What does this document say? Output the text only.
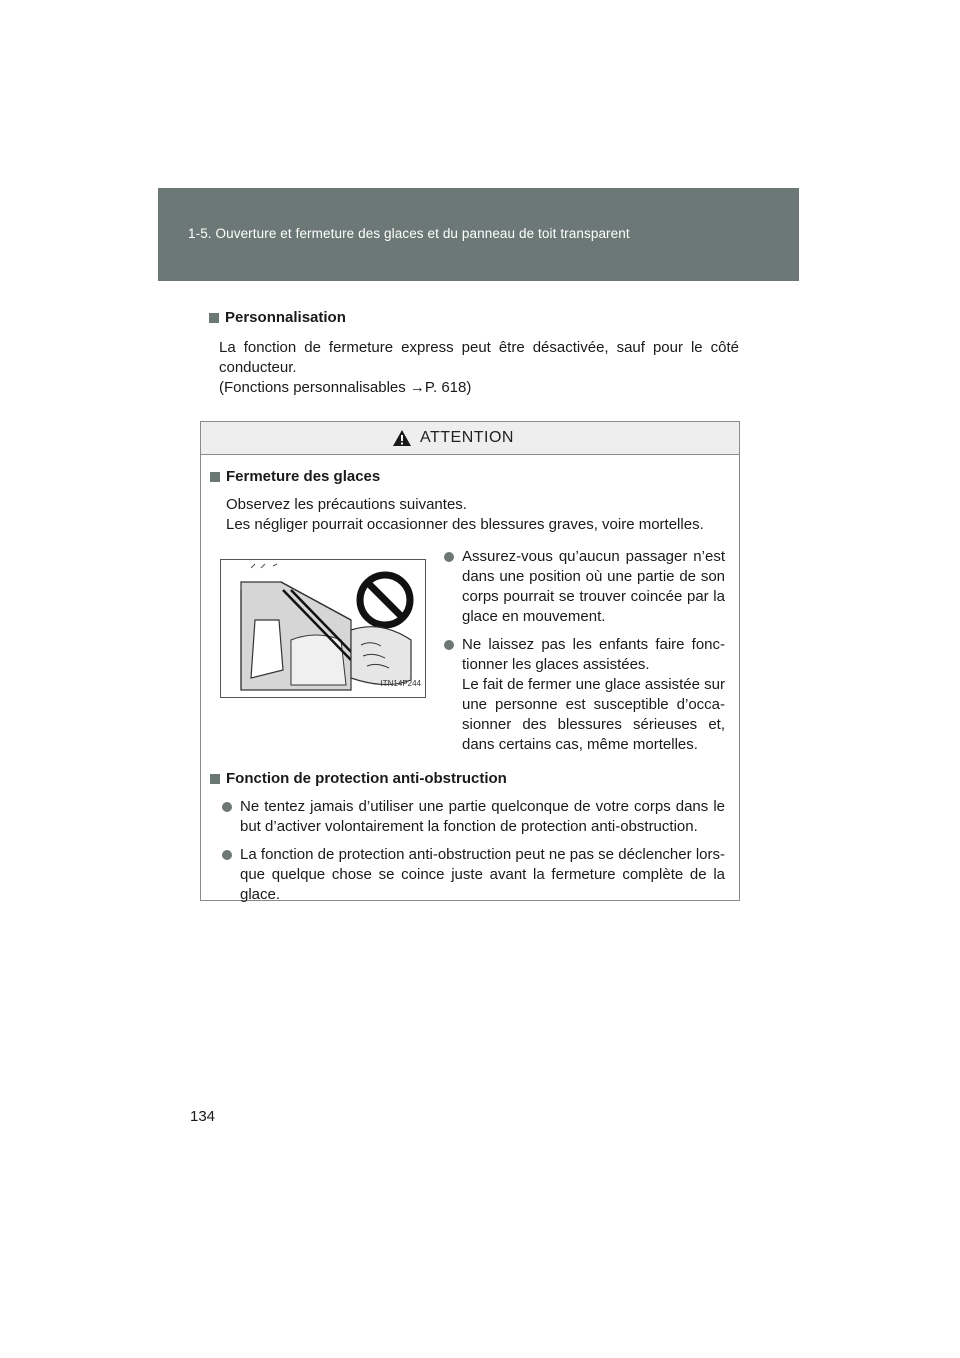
1-5. Ouverture et fermeture des glaces et du panneau de toit transparent
Personnalisation
La fonction de fermeture express peut être désactivée, sauf pour le côté conducteur.
(Fonctions personnalisables →P. 618)
ATTENTION
Fermeture des glaces
Observez les précautions suivantes.
Les négliger pourrait occasionner des blessures graves, voire mortelles.
ITN14P244
Assurez-vous qu’aucun passager n’est dans une position où une partie de son corps pourrait se trouver coincée par la glace en mouvement.
Ne laissez pas les enfants faire fonc-tionner les glaces assistées.
Le fait de fermer une glace assistée sur une personne est susceptible d’occa-sionner des blessures sérieuses et, dans certains cas, même mortelles.
Fonction de protection anti-obstruction
Ne tentez jamais d’utiliser une partie quelconque de votre corps dans le but d’activer volontairement la fonction de protection anti-obstruction.
La fonction de protection anti-obstruction peut ne pas se déclencher lors-que quelque chose se coince juste avant la fermeture complète de la glace.
134
